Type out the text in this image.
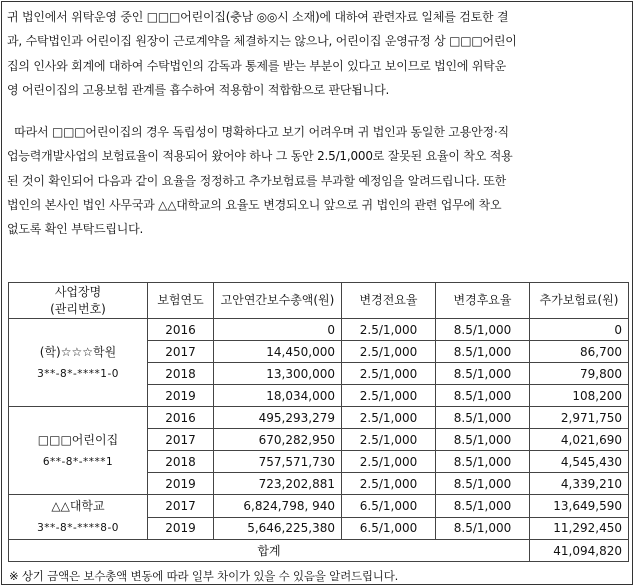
귀 법인에서 위탁운영 중인 □□□어린이집(충남 ◎◎시 소재)에 대하여 관련자료 일체를 검토한 결
과, 수탁법인과 어린이집 원장이 근로계약을 체결하지는 않으나, 어린이집 운영규정 상 □□□어린이
집의 인사와 회계에 대하여 수탁법인의 감독과 통제를 받는 부분이 있다고 보이므로 법인에 위탁운
영 어린이집의 고용보험 관계를 흡수하여 적용함이 적합함으로 판단됩니다.
따라서 □□□어린이집의 경우 독립성이 명확하다고 보기 어려우며 귀 법인과 동일한 고용안정·직
업능력개발사업의 보험료율이 적용되어 왔어야 하나 그 동안 2.5/1,000로 잘못된 요율이 착오 적용
된 것이 확인되어 다음과 같이 요율을 정정하고 추가보험료를 부과할 예정임을 알려드립니다. 또한
법인의 본사인 법인 사무국과 △△대학교의 요율도 변경되오니 앞으로 귀 법인의 관련 업무에 착오
없도록 확인 부탁드립니다.
사업장명
(관리번호)	보험연도	고안연간보수총액(원)	변경전요율	변경후요율	추가보험료(원)

(학)☆☆☆학원
3**-8*-****1-0	2016	0	2.5/1,000	8.5/1,000	0
	2017	14,450,000	2.5/1,000	8.5/1,000	86,700
	2018	13,300,000	2.5/1,000	8.5/1,000	79,800
	2019	18,034,000	2.5/1,000	8.5/1,000	108,200

□□□어린이집
6**-8*-****1	2016	495,293,279	2.5/1,000	8.5/1,000	2,971,750
	2017	670,282,950	2.5/1,000	8.5/1,000	4,021,690
	2018	757,571,730	2.5/1,000	8.5/1,000	4,545,430
	2019	723,202,881	2.5/1,000	8.5/1,000	4,339,210

△△대학교
3**-8*-****8-0	2017	6,824,798, 940	6.5/1,000	8.5/1,000	13,649,590
	2019	5,646,225,380	6.5/1,000	8.5/1,000	11,292,450
합계					41,094,820

※ 상기 금액은 보수총액 변동에 따라 일부 차이가 있을 수 있음을 알려드립니다.
